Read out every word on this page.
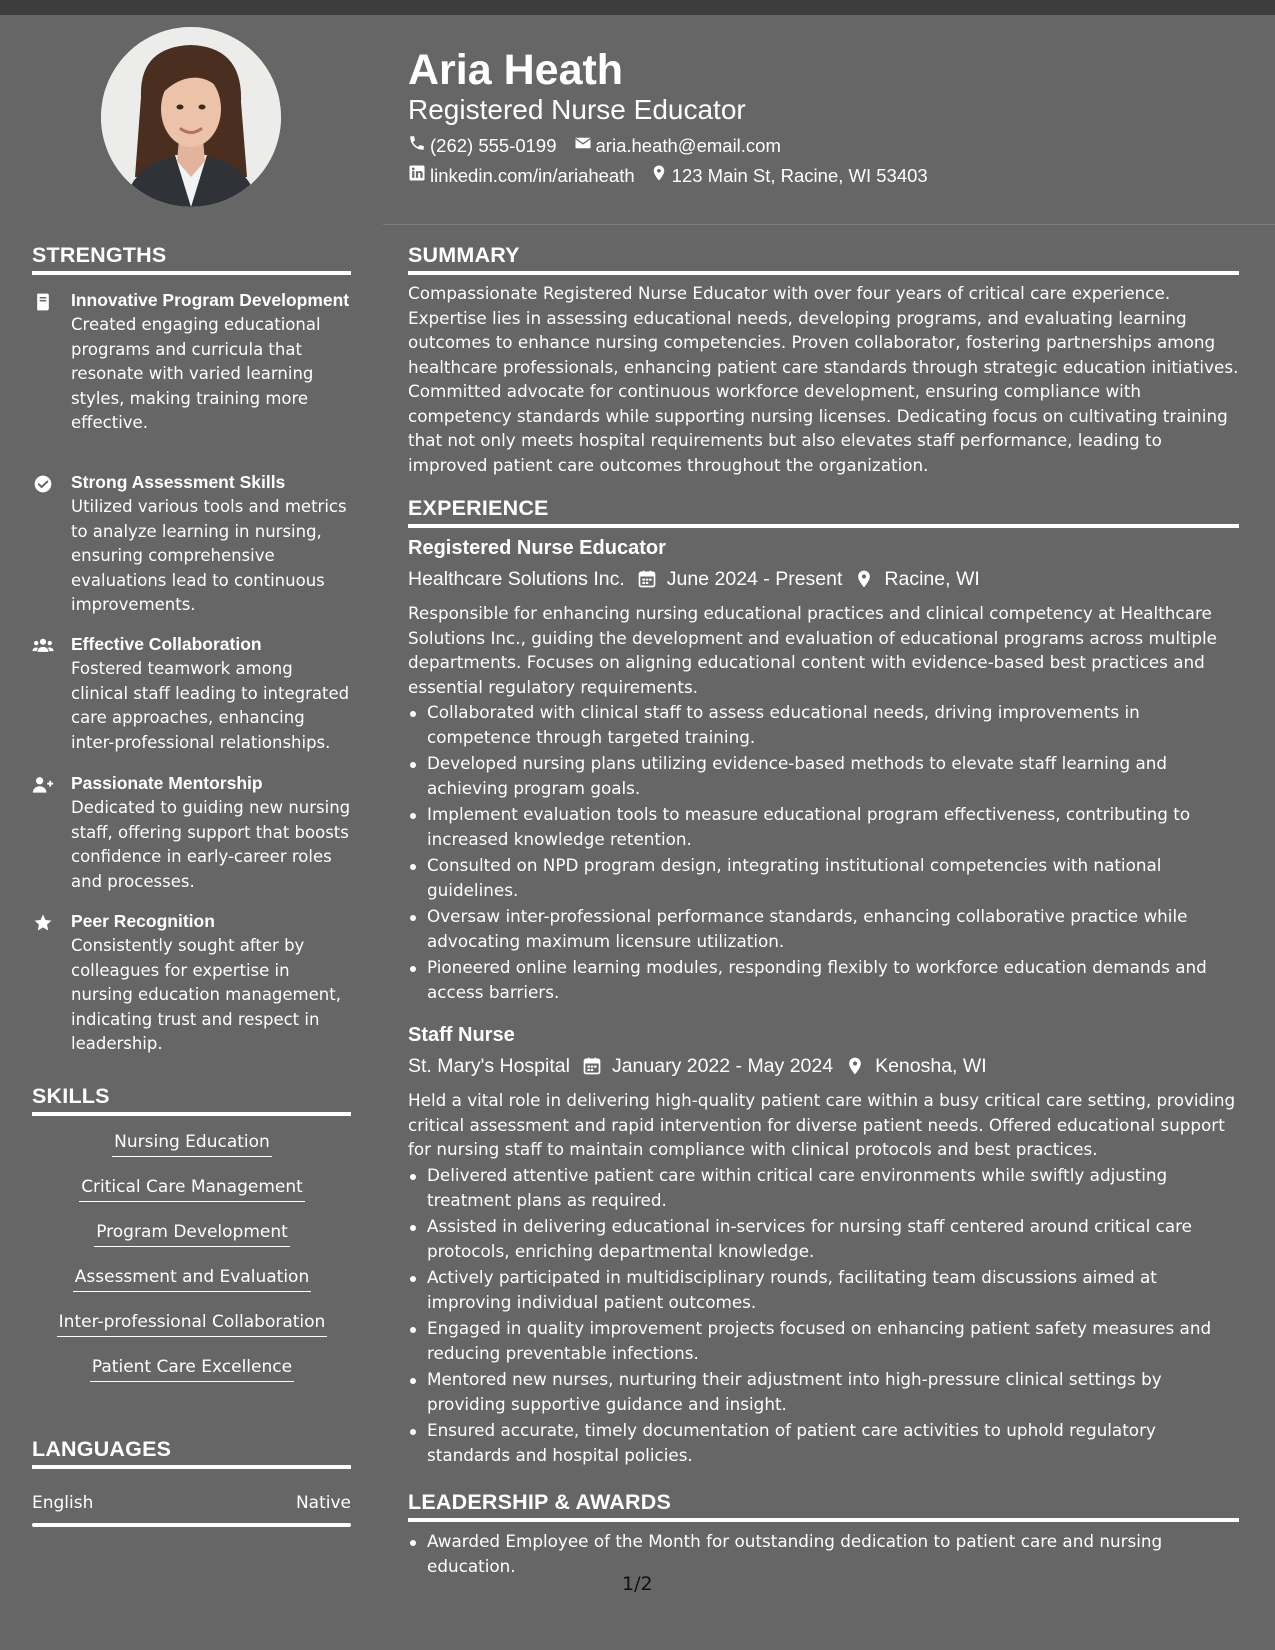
Aria Heath
Registered Nurse Educator
(262) 555-0199 aria.heath@email.com
linkedin.com/in/ariaheath 123 Main St, Racine, WI 53403
STRENGTHS
Innovative Program Development
Created engaging educational programs and curricula that resonate with varied learning styles, making training more effective.
Strong Assessment Skills
Utilized various tools and metrics to analyze learning in nursing, ensuring comprehensive evaluations lead to continuous improvements.
Effective Collaboration
Fostered teamwork among clinical staff leading to integrated care approaches, enhancing inter-professional relationships.
Passionate Mentorship
Dedicated to guiding new nursing staff, offering support that boosts confidence in early-career roles and processes.
Peer Recognition
Consistently sought after by colleagues for expertise in nursing education management, indicating trust and respect in leadership.
SKILLS
Nursing Education
Critical Care Management
Program Development
Assessment and Evaluation
Inter-professional Collaboration
Patient Care Excellence
LANGUAGES
English	Native
SUMMARY

Compassionate Registered Nurse Educator with over four years of critical care experience. Expertise lies in assessing educational needs, developing programs, and evaluating learning outcomes to enhance nursing competencies. Proven collaborator, fostering partnerships among healthcare professionals, enhancing patient care standards through strategic education initiatives. Committed advocate for continuous workforce development, ensuring compliance with competency standards while supporting nursing licenses. Dedicating focus on cultivating training that not only meets hospital requirements but also elevates staff performance, leading to improved patient care outcomes throughout the organization.

EXPERIENCE
Registered Nurse Educator
Healthcare Solutions Inc. June 2024 - Present Racine, WI

Responsible for enhancing nursing educational practices and clinical competency at Healthcare Solutions Inc., guiding the development and evaluation of educational programs across multiple departments. Focuses on aligning educational content with evidence-based best practices and essential regulatory requirements.

Collaborated with clinical staff to assess educational needs, driving improvements in competence through targeted training.
Developed nursing plans utilizing evidence-based methods to elevate staff learning and achieving program goals.
Implement evaluation tools to measure educational program effectiveness, contributing to increased knowledge retention.
Consulted on NPD program design, integrating institutional competencies with national guidelines.
Oversaw inter-professional performance standards, enhancing collaborative practice while advocating maximum licensure utilization.
Pioneered online learning modules, responding flexibly to workforce education demands and access barriers.
Staff Nurse
St. Mary's Hospital January 2022 - May 2024 Kenosha, WI

Held a vital role in delivering high-quality patient care within a busy critical care setting, providing critical assessment and rapid intervention for diverse patient needs. Offered educational support for nursing staff to maintain compliance with clinical protocols and best practices.

Delivered attentive patient care within critical care environments while swiftly adjusting treatment plans as required.
Assisted in delivering educational in-services for nursing staff centered around critical care protocols, enriching departmental knowledge.
Actively participated in multidisciplinary rounds, facilitating team discussions aimed at improving individual patient outcomes.
Engaged in quality improvement projects focused on enhancing patient safety measures and reducing preventable infections.
Mentored new nurses, nurturing their adjustment into high-pressure clinical settings by providing supportive guidance and insight.
Ensured accurate, timely documentation of patient care activities to uphold regulatory standards and hospital policies.
LEADERSHIP & AWARDS
Awarded Employee of the Month for outstanding dedication to patient care and nursing education.
1/2
